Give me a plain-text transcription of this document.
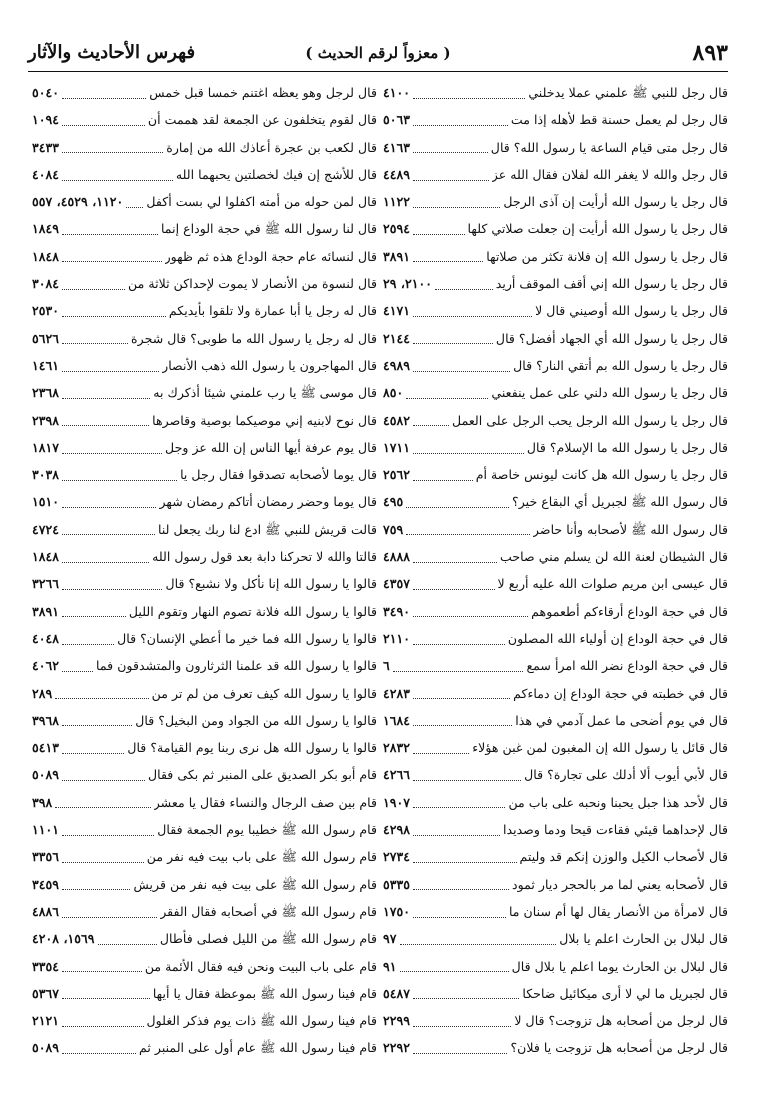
٨٩٣
( معزواً لرقم الحديث )
فهرس الأحاديث والآثار
قال رجل للنبي ﷺ علمني عملا يدخلني
٤١٠٠
قال رجل لم يعمل حسنة قط لأهله إذا مت
٥٠٦٣
قال رجل متى قيام الساعة يا رسول الله؟ قال
٤١٦٣
قال رجل والله لا يغفر الله لفلان فقال الله عز
٤٤٨٩
قال رجل يا رسول الله أرأيت إن آذى الرجل
١١٢٢
قال رجل يا رسول الله أرأيت إن جعلت صلاتي كلها
٢٥٩٤
قال رجل يا رسول الله إن فلانة تكثر من صلاتها
٣٨٩١
قال رجل يا رسول الله إني أقف الموقف أريد
٢١٠٠، ٢٩
قال رجل يا رسول الله أوصيني قال لا
٤١٧١
قال رجل يا رسول الله أي الجهاد أفضل؟ قال
٢١٤٤
قال رجل يا رسول الله بم أتقي النار؟ قال
٤٩٨٩
قال رجل يا رسول الله دلني على عمل ينفعني
٨٥٠
قال رجل يا رسول الله الرجل يحب الرجل على العمل
٤٥٨٢
قال رجل يا رسول الله ما الإسلام؟ قال
١٧١١
قال رجل يا رسول الله هل كانت ليونس خاصة أم
٢٥٦٢
قال رسول الله ﷺ لجبريل أي البقاع خير؟
٤٩٥
قال رسول الله ﷺ لأصحابه وأنا حاضر
٧٥٩
قال الشيطان لعنة الله لن يسلم مني صاحب
٤٨٨٨
قال عيسى ابن مريم صلوات الله عليه أربع لا
٤٣٥٧
قال في حجة الوداع أرقاءكم أطعموهم
٣٤٩٠
قال في حجة الوداع إن أولياء الله المصلون
٢١١٠
قال في حجة الوداع نضر الله امرأ سمع
٦
قال في خطبته في حجة الوداع إن دماءكم
٤٢٨٣
قال في يوم أضحى ما عمل آدمي في هذا
١٦٨٤
قال قائل يا رسول الله إن المغبون لمن غبن هؤلاء
٢٨٣٢
قال لأبي أيوب ألا أدلك على تجارة؟ قال
٤٢٦٦
قال لأحد هذا جبل يحبنا ونحبه على باب من
١٩٠٧
قال لإحداهما قيئي فقاءت قيحا ودما وصديدا
٤٢٩٨
قال لأصحاب الكيل والوزن إنكم قد وليتم
٢٧٣٤
قال لأصحابه يعني لما مر بالحجر ديار ثمود
٥٣٣٥
قال لامرأة من الأنصار يقال لها أم سنان ما
١٧٥٠
قال لبلال بن الحارث اعلم يا بلال
٩٧
قال لبلال بن الحارث يوما اعلم يا بلال قال
٩١
قال لجبريل ما لي لا أرى ميكائيل ضاحكا
٥٤٨٧
قال لرجل من أصحابه هل تزوجت؟ قال لا
٢٢٩٩
قال لرجل من أصحابه هل تزوجت يا فلان؟
٢٢٩٢
قال لرجل وهو يعظه اغتنم خمسا قبل خمس
٥٠٤٠
قال لقوم يتخلفون عن الجمعة لقد هممت أن
١٠٩٤
قال لكعب بن عجرة أعاذك الله من إمارة
٣٤٣٣
قال للأشج إن فيك لخصلتين يحبهما الله
٤٠٨٤
قال لمن حوله من أمته اكفلوا لي بست أكفل
١١٢٠، ٤٥٢٩، ٥٥٧
قال لنا رسول الله ﷺ في حجة الوداع إنما
١٨٤٩
قال لنسائه عام حجة الوداع هذه ثم ظهور
١٨٤٨
قال لنسوة من الأنصار لا يموت لإحداكن ثلاثة من
٣٠٨٤
قال له رجل يا أبا عمارة ولا تلقوا بأيديكم
٢٥٣٠
قال له رجل يا رسول الله ما طوبى؟ قال شجرة
٥٦٢٦
قال المهاجرون يا رسول الله ذهب الأنصار
١٤٦١
قال موسى ﷺ يا رب علمني شيئا أذكرك به
٢٣٦٨
قال نوح لابنيه إني موصيكما بوصية وقاصرها
٢٣٩٨
قال يوم عرفة أيها الناس إن الله عز وجل
١٨١٧
قال يوما لأصحابه تصدقوا فقال رجل يا
٣٠٣٨
قال يوما وحضر رمضان أتاكم رمضان شهر
١٥١٠
قالت قريش للنبي ﷺ ادع لنا ربك يجعل لنا
٤٧٢٤
قالتا والله لا تحركنا دابة بعد قول رسول الله
١٨٤٨
قالوا يا رسول الله إنا نأكل ولا نشبع؟ قال
٣٢٦٦
قالوا يا رسول الله فلانة تصوم النهار وتقوم الليل
٣٨٩١
قالوا يا رسول الله فما خير ما أعطي الإنسان؟ قال
٤٠٤٨
قالوا يا رسول الله قد علمنا الثرثارون والمتشدقون فما
٤٠٦٢
قالوا يا رسول الله كيف تعرف من لم تر من
٢٨٩
قالوا يا رسول الله من الجواد ومن البخيل؟ قال
٣٩٦٨
قالوا يا رسول الله هل نرى ربنا يوم القيامة؟ قال
٥٤١٣
قام أبو بكر الصديق على المنبر ثم بكى فقال
٥٠٨٩
قام بين صف الرجال والنساء فقال يا معشر
٣٩٨
قام رسول الله ﷺ خطيبا يوم الجمعة فقال
١١٠١
قام رسول الله ﷺ على باب بيت فيه نفر من
٣٣٥٦
قام رسول الله ﷺ على بيت فيه نفر من قريش
٣٤٥٩
قام رسول الله ﷺ في أصحابه فقال الفقر
٤٨٨٦
قام رسول الله ﷺ من الليل فصلى فأطال
١٥٦٩، ٤٢٠٨
قام على باب البيت ونحن فيه فقال الأئمة من
٣٣٥٤
قام فينا رسول الله ﷺ بموعظة فقال يا أيها
٥٣٦٧
قام فينا رسول الله ﷺ ذات يوم فذكر الغلول
٢١٢١
قام فينا رسول الله ﷺ عام أول على المنبر ثم
٥٠٨٩
